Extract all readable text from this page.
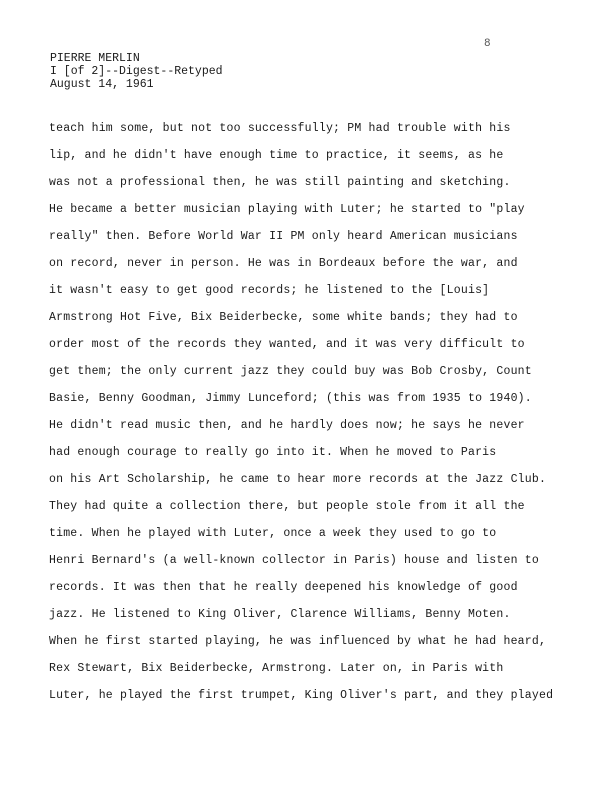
8
PIERRE MERLIN
I [of 2]--Digest--Retyped
August 14, 1961
teach him some, but not too successfully; PM had trouble with his
lip, and he didn't have enough time to practice, it seems, as he
was not a professional then, he was still painting and sketching.
He became a better musician playing with Luter; he started to "play
really" then. Before World War II PM only heard American musicians
on record, never in person. He was in Bordeaux before the war, and
it wasn't easy to get good records; he listened to the [Louis]
Armstrong Hot Five, Bix Beiderbecke, some white bands; they had to
order most of the records they wanted, and it was very difficult to
get them; the only current jazz they could buy was Bob Crosby, Count
Basie, Benny Goodman, Jimmy Lunceford; (this was from 1935 to 1940).
He didn't read music then, and he hardly does now; he says he never
had enough courage to really go into it. When he moved to Paris
on his Art Scholarship, he came to hear more records at the Jazz Club.
They had quite a collection there, but people stole from it all the
time. When he played with Luter, once a week they used to go to
Henri Bernard's (a well-known collector in Paris) house and listen to
records. It was then that he really deepened his knowledge of good
jazz. He listened to King Oliver, Clarence Williams, Benny Moten.
When he first started playing, he was influenced by what he had heard,
Rex Stewart, Bix Beiderbecke, Armstrong. Later on, in Paris with
Luter, he played the first trumpet, King Oliver's part, and they played
